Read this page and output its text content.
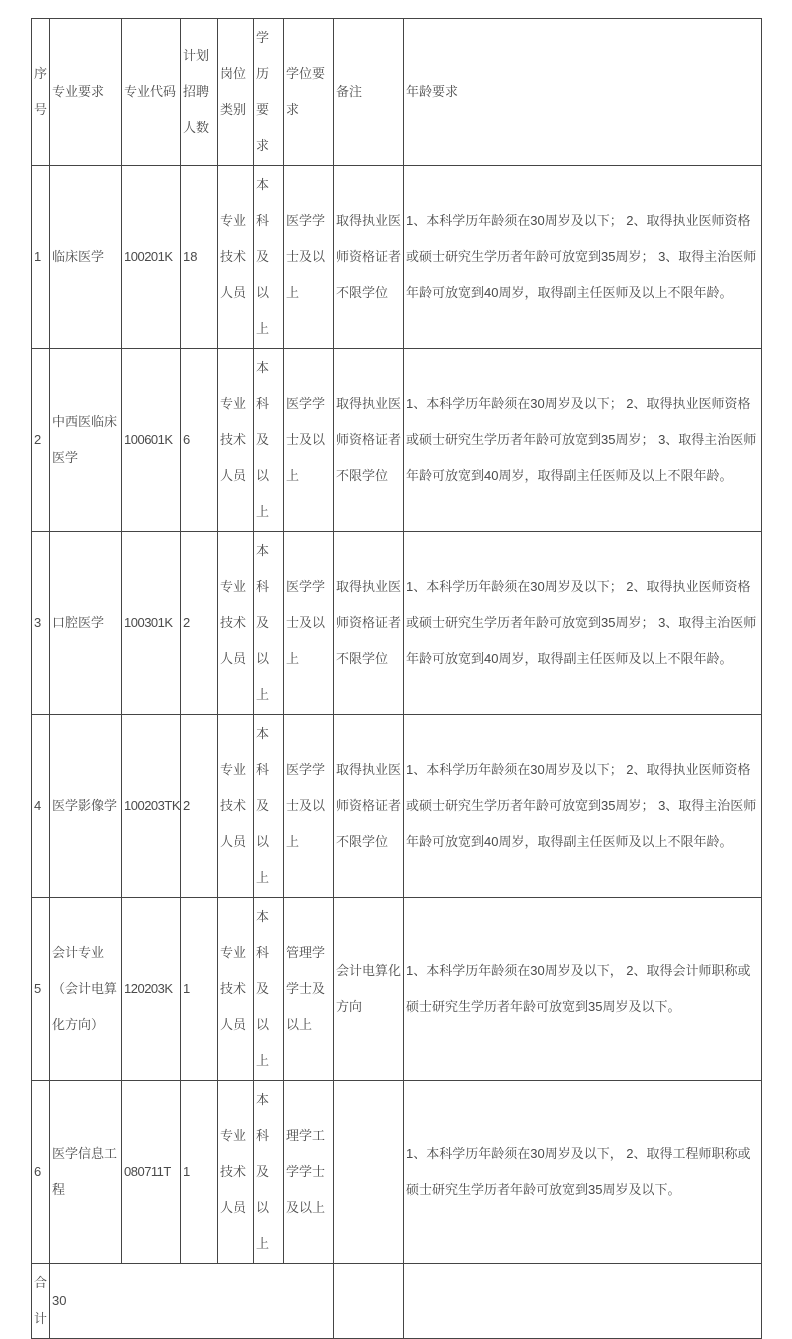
序号	专业要求	专业代码	计划招聘人数	岗位类别	学历要求	学位要求	备注	年龄要求
1	临床医学	100201K	18	专业技术人员	本科及以上	医学学士及以上	取得执业医师资格证者不限学位	1、本科学历年龄须在30周岁及以下； 2、取得执业医师资格或硕士研究生学历者年龄可放宽到35周岁； 3、取得主治医师年龄可放宽到40周岁，取得副主任医师及以上不限年龄。
2	中西医临床医学	100601K	6	专业技术人员	本科及以上	医学学士及以上	取得执业医师资格证者不限学位	1、本科学历年龄须在30周岁及以下； 2、取得执业医师资格或硕士研究生学历者年龄可放宽到35周岁； 3、取得主治医师年龄可放宽到40周岁，取得副主任医师及以上不限年龄。
3	口腔医学	100301K	2	专业技术人员	本科及以上	医学学士及以上	取得执业医师资格证者不限学位	1、本科学历年龄须在30周岁及以下； 2、取得执业医师资格或硕士研究生学历者年龄可放宽到35周岁； 3、取得主治医师年龄可放宽到40周岁，取得副主任医师及以上不限年龄。
4	医学影像学	100203TK	2	专业技术人员	本科及以上	医学学士及以上	取得执业医师资格证者不限学位	1、本科学历年龄须在30周岁及以下； 2、取得执业医师资格或硕士研究生学历者年龄可放宽到35周岁； 3、取得主治医师年龄可放宽到40周岁，取得副主任医师及以上不限年龄。
5	会计专业（会计电算化方向）	120203K	1	专业技术人员	本科及以上	管理学学士及以上	会计电算化方向	1、本科学历年龄须在30周岁及以下， 2、取得会计师职称或硕士研究生学历者年龄可放宽到35周岁及以下。
6	医学信息工程	080711T	1	专业技术人员	本科及以上	理学工学学士及以上		1、本科学历年龄须在30周岁及以下， 2、取得工程师职称或硕士研究生学历者年龄可放宽到35周岁及以下。
合计	30							
